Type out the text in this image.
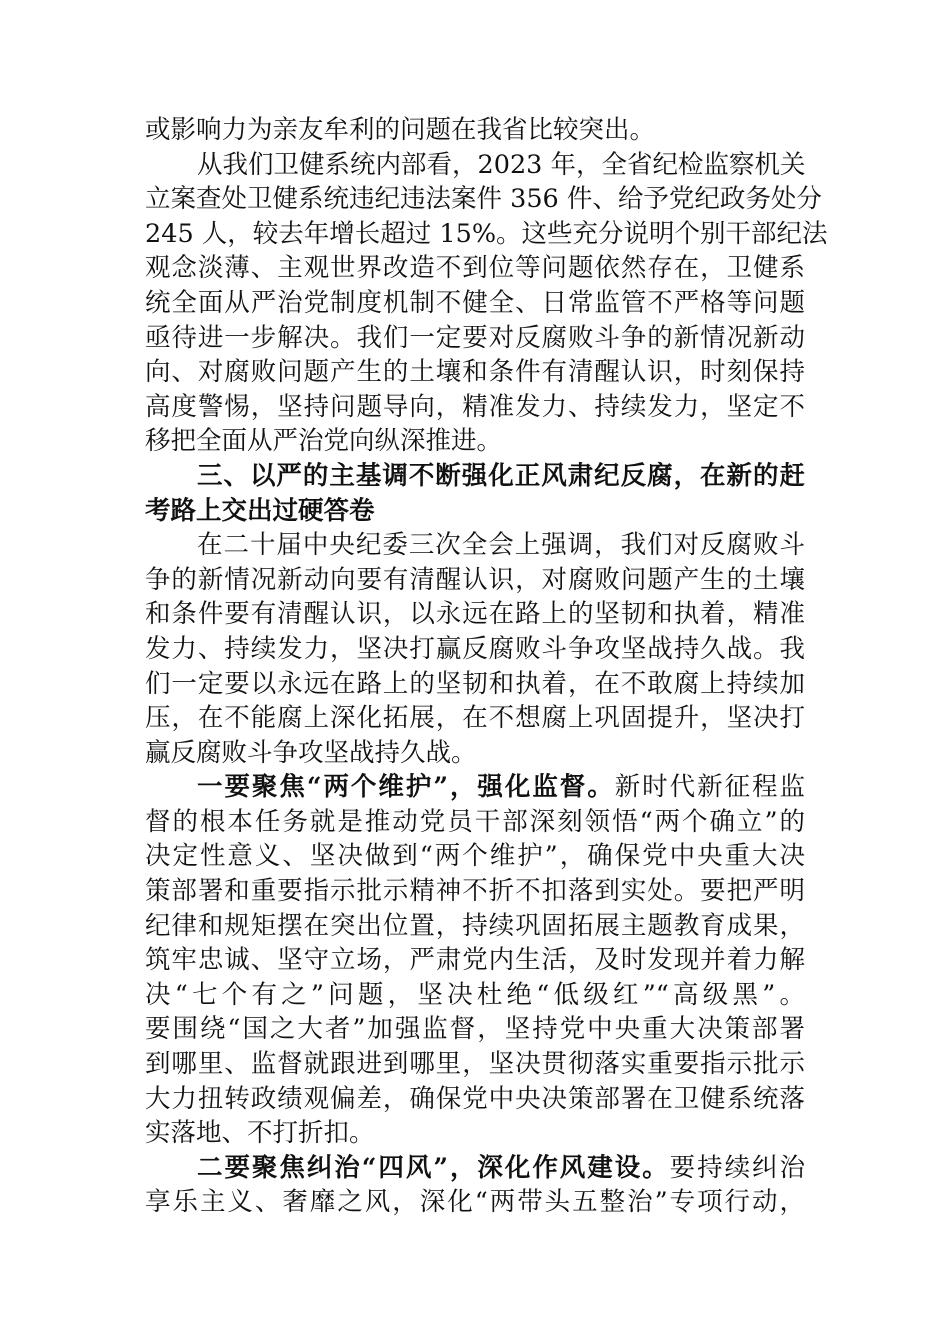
或影响力为亲友牟利的问题在我省比较突出。
从我们卫健系统内部看，2023 年，全省纪检监察机关
立案查处卫健系统违纪违法案件 356 件、给予党纪政务处分
245 人，较去年增长超过 15%。这些充分说明个别干部纪法
观念淡薄、主观世界改造不到位等问题依然存在，卫健系
统全面从严治党制度机制不健全、日常监管不严格等问题
亟待进一步解决。我们一定要对反腐败斗争的新情况新动
向、对腐败问题产生的土壤和条件有清醒认识，时刻保持
高度警惕，坚持问题导向，精准发力、持续发力，坚定不
移把全面从严治党向纵深推进。
三、以严的主基调不断强化正风肃纪反腐，在新的赶
考路上交出过硬答卷
在二十届中央纪委三次全会上强调，我们对反腐败斗
争的新情况新动向要有清醒认识，对腐败问题产生的土壤
和条件要有清醒认识，以永远在路上的坚韧和执着，精准
发力、持续发力，坚决打赢反腐败斗争攻坚战持久战。我
们一定要以永远在路上的坚韧和执着，在不敢腐上持续加
压，在不能腐上深化拓展，在不想腐上巩固提升，坚决打
赢反腐败斗争攻坚战持久战。
一要聚焦“两个维护”，强化监督。新时代新征程监
督的根本任务就是推动党员干部深刻领悟“两个确立”的
决定性意义、坚决做到“两个维护”，确保党中央重大决
策部署和重要指示批示精神不折不扣落到实处。要把严明
纪律和规矩摆在突出位置，持续巩固拓展主题教育成果，
筑牢忠诚、坚守立场，严肃党内生活，及时发现并着力解
决“七个有之”问题，坚决杜绝“低级红”“高级黑”。
要围绕“国之大者”加强监督，坚持党中央重大决策部署
到哪里、监督就跟进到哪里，坚决贯彻落实重要指示批示
大力扭转政绩观偏差，确保党中央决策部署在卫健系统落
实落地、不打折扣。
二要聚焦纠治“四风”，深化作风建设。要持续纠治
享乐主义、奢靡之风，深化“两带头五整治”专项行动，
